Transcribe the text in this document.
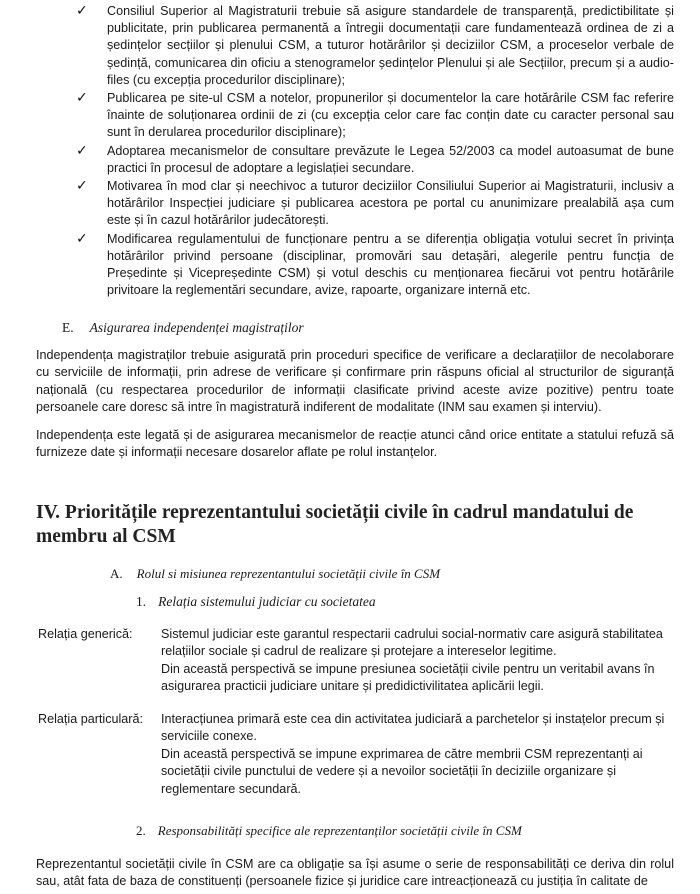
✓ Consiliul Superior al Magistraturii trebuie să asigure standardele de transparență, predictibilitate și publicitate, prin publicarea permanentă a întregii documentații care fundamentează ordinea de zi a ședințelor secțiilor și plenului CSM, a tuturor hotărârilor și deciziilor CSM, a proceselor verbale de ședință, comunicarea din oficiu a stenogramelor ședințelor Plenului și ale Secțiilor, precum și a audio-files (cu excepția procedurilor disciplinare);
✓ Publicarea pe site-ul CSM a notelor, propunerilor și documentelor la care hotărârile CSM fac referire înainte de soluționarea ordinii de zi (cu excepția celor care fac conțin date cu caracter personal sau sunt în derularea procedurilor disciplinare);
✓ Adoptarea mecanismelor de consultare prevăzute le Legea 52/2003 ca model autoasumat de bune practici în procesul de adoptare a legislației secundare.
✓ Motivarea în mod clar și neechivoc a tuturor deciziilor Consiliului Superior ai Magistraturii, inclusiv a hotărârilor Inspecției judiciare și publicarea acestora pe portal cu anunimizare prealabilă așa cum este și în cazul hotărârilor judecătorești.
✓ Modificarea regulamentului de funcționare pentru a se diferenția obligația votului secret în privința hotărârilor privind persoane (disciplinar, promovări sau detașări, alegerile pentru funcția de Președinte și Vicepreședinte CSM) și votul deschis cu menționarea fiecărui vot pentru hotărârile privitoare la reglementări secundare, avize, rapoarte, organizare internă etc.
E. Asigurarea independenței magistraților

Independența magistraților trebuie asigurată prin proceduri specifice de verificare a declarațiilor de necolaborare cu serviciile de informații, prin adrese de verificare și confirmare prin răspuns oficial al structurilor de siguranță națională (cu respectarea procedurilor de informații clasificate privind aceste avize pozitive) pentru toate persoanele care doresc să intre în magistratură indiferent de modalitate (INM sau examen și interviu).

Independența este legată și de asigurarea mecanismelor de reacție atunci când orice entitate a statului refuză să furnizeze date și informații necesare dosarelor aflate pe rolul instanțelor.

IV. Prioritățile reprezentantului societății civile în cadrul mandatului de membru al CSM
A. Rolul si misiunea reprezentantului societății civile în CSM
1. Relația sistemului judiciar cu societatea
Relația generică: Sistemul judiciar este garantul respectarii cadrului social-normativ care asigură stabilitatea relațiilor sociale și cadrul de realizare și protejare a intereselor legitime.

Din această perspectivă se impune presiunea societății civile pentru un veritabil avans în asigurarea practicii judiciare unitare și predidictivilitatea aplicării legii.

Relația particulară: Interacțiunea primară este cea din activitatea judiciară a parchetelor și instațelor precum și serviciile conexe.

Din această perspectivă se impune exprimarea de către membrii CSM reprezentanți ai societății civile punctului de vedere și a nevoilor societății în deciziile organizare și reglementare secundară.

2. Responsabilități specifice ale reprezentanților societății civile în CSM

Reprezentantul societății civile în CSM are ca obligație sa își asume o serie de responsabilități ce deriva din rolul sau, atât fata de baza de constituenți (persoanele fizice și juridice care intreacționează cu justiția în calitate de
